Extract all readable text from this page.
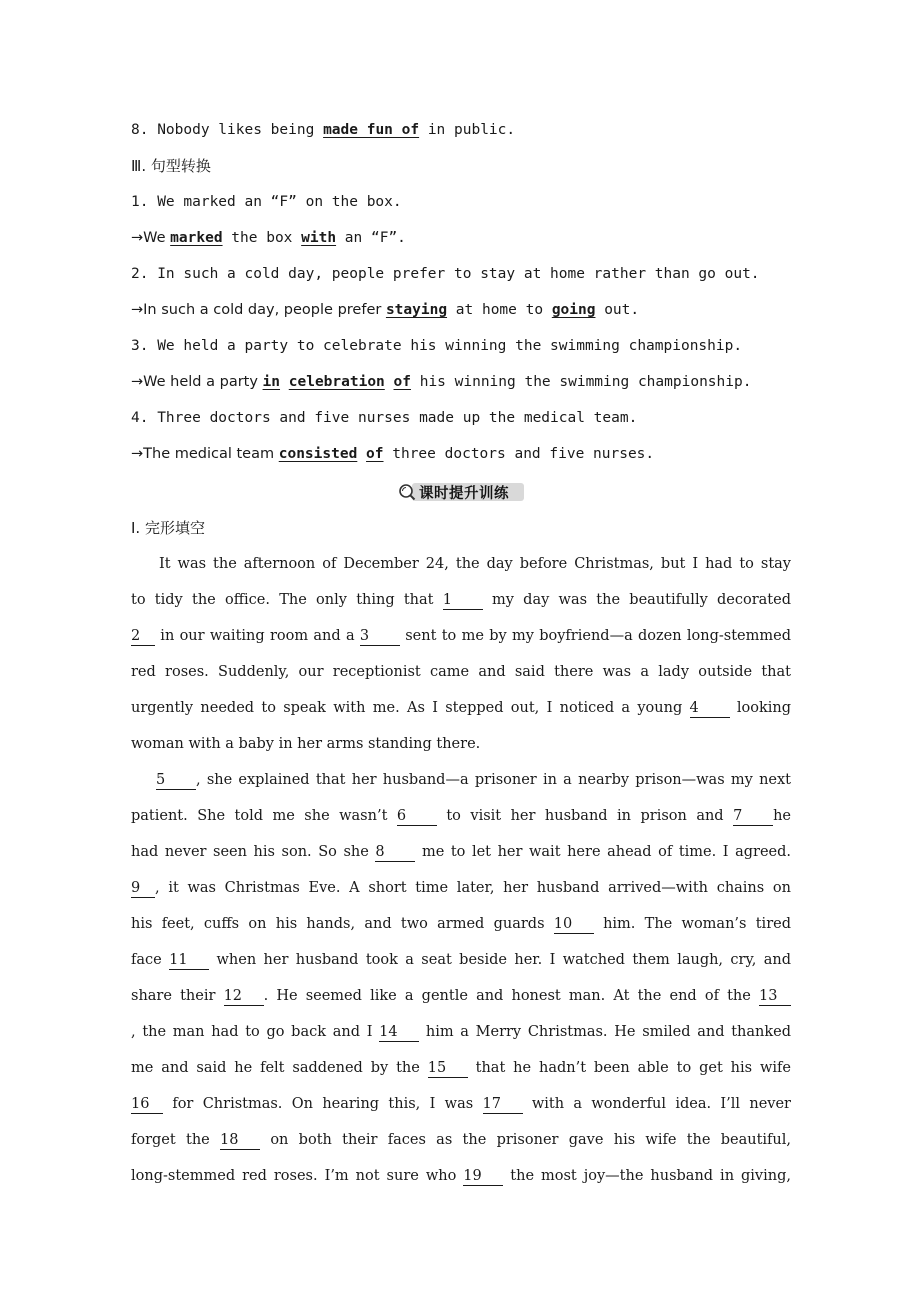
8. Nobody likes being made fun of in public.
Ⅲ. 句型转换
1. We marked an “F” on the box.
→We marked the box with an “F”.
2. In such a cold day, people prefer to stay at home rather than go out.
→In such a cold day, people prefer staying at home to going out.
3. We held a party to celebrate his winning the swimming championship.
→We held a party in celebration of his winning the swimming championship.
4. Three doctors and five nurses made up the medical team.
→The medical team consisted of three doctors and five nurses.
课时提升训练
Ⅰ. 完形填空
It was the afternoon of December 24, the day before Christmas, but I had to stay
to tidy the office. The only thing that 1 my day was the beautifully decorated
2 in our waiting room and a 3 sent to me by my boyfriend—a dozen long-stemmed
red roses. Suddenly, our receptionist came and said there was a lady outside that
urgently needed to speak with me. As I stepped out, I noticed a young 4 looking
woman with a baby in her arms standing there.
5 , she explained that her husband—a prisoner in a nearby prison—was my next
patient. She told me she wasn’t 6 to visit her husband in prison and 7 he
had never seen his son. So she 8 me to let her wait here ahead of time. I agreed.
9 , it was Christmas Eve. A short time later, her husband arrived—with chains on
his feet, cuffs on his hands, and two armed guards 10 him. The woman’s tired
face 11 when her husband took a seat beside her. I watched them laugh, cry, and
share their 12 . He seemed like a gentle and honest man. At the end of the 13
, the man had to go back and I 14 him a Merry Christmas. He smiled and thanked
me and said he felt saddened by the 15 that he hadn’t been able to get his wife
16 for Christmas. On hearing this, I was 17 with a wonderful idea. I’ll never
forget the 18 on both their faces as the prisoner gave his wife the beautiful,
long-stemmed red roses. I’m not sure who 19 the most joy—the husband in giving,
